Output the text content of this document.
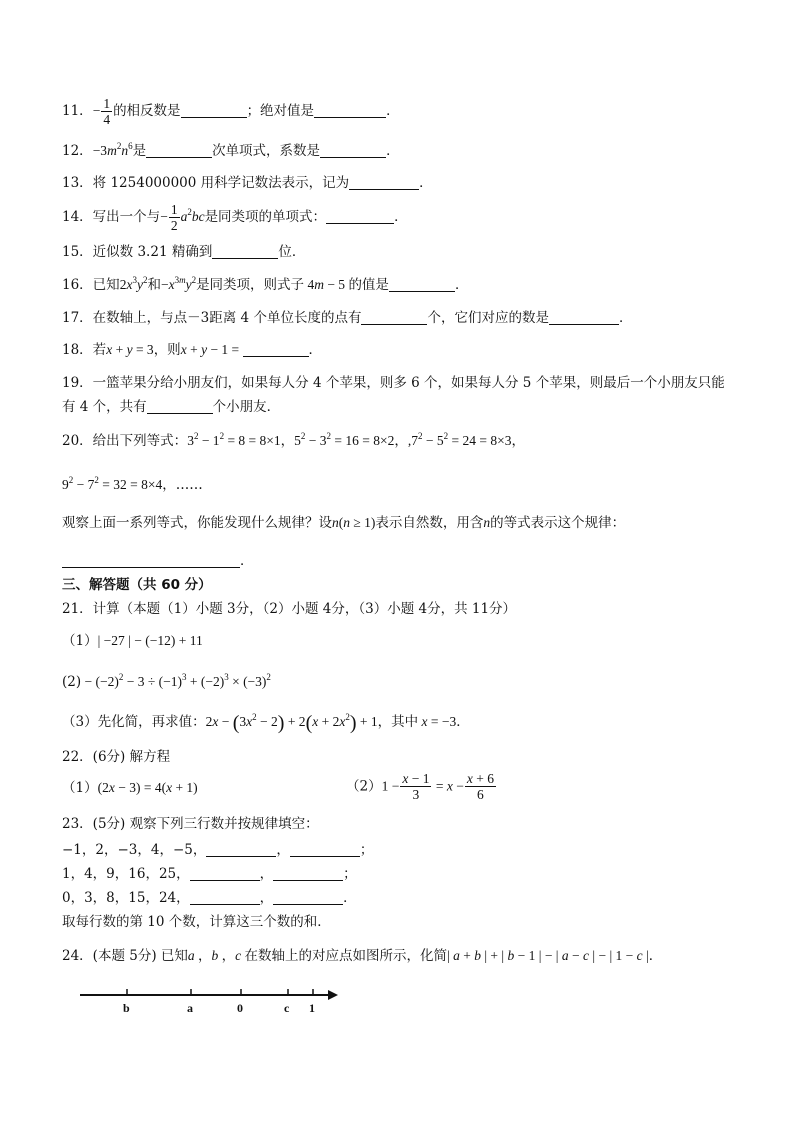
11．− $\frac{1}{4}$ 的相反数是	；绝对值是	．
12．$-3m^2n^6$是	次单项式，系数是	．
13．将 1254000000 用科学记数法表示，记为	．
14．写出一个与− $\frac{1}{2} a^2bc$是同类项的单项式：	．
15．近似数 3.21 精确到	位．
16．已知$2x^3y^2$和$-x^{3m}y^2$是同类项，则式子 4m − 5 的值是	．
17．在数轴上，与点－3距离 4 个单位长度的点有	个，它们对应的数是	．
18．若x + y = 3，则x + y − 1 =	．
19．一篮苹果分给小朋友们，如果每人分 4 个苹果，则多 6 个，如果每人分 5 个苹果，则最后一个小朋友只能
有 4 个，共有	个小朋友．
20．给出下列等式：$3^2 - 1^2 = 8 = 8\times 1$，$5^2 - 3^2 = 16 = 8\times 2$，$,7^2 - 5^2 = 24 = 8\times 3$，
$9^2 - 7^2 = 32 = 8\times 4$，……
观察上面一系列等式，你能发现什么规律？设n(n ≥ 1)表示自然数，用含n的等式表示这个规律：
．
三、解答题（共 60 分）
21．计算（本题（1）小题 3分，（2）小题 4分，（3）小题 4分，共 11分）
（1）| −27 | − (−12) + 11
$(2) - (-2)^2 - 3 \div (-1)^3 + (-2)^3 \times (-3)^2$
（3）先化简，再求值：$2x - (3x^2 - 2) + 2(x + 2x^2) + 1$，其中 x = −3．
22．(6分) 解方程
（1）(2x − 3) = 4(x + 1)	$(2)1 - \frac{x - 1}{3} = x - \frac{x + 6}{6}$
23．(5分) 观察下列三行数并按规律填空：
−1，2，−3，4，−5，	，	；
1，4，9，16，25，	，	；
0，3，8，15，24，	，	．
取每行数的第 10 个数，计算这三个数的和．
24．(本题 5分) 已知a ，b ，c 在数轴上的对应点如图所示，化简| a + b | + | b − 1 | − | a − c | − | 1 − c |．
b	a	0	c 1
